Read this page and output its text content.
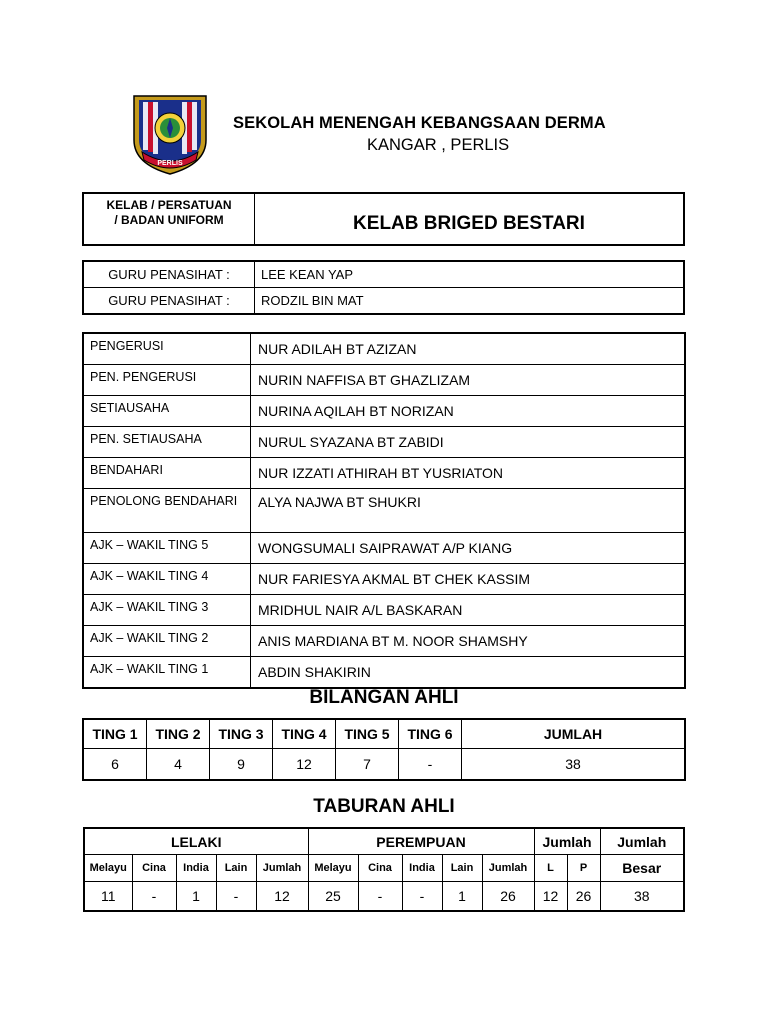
PERLIS
SEKOLAH MENENGAH KEBANGSAAN DERMA
KANGAR , PERLIS
KELAB / PERSATUAN
/ BADAN UNIFORM	KELAB BRIGED BESTARI
GURU PENASIHAT :	LEE KEAN YAP
GURU PENASIHAT :	RODZIL BIN MAT
PENGERUSI	NUR ADILAH BT AZIZAN
PEN. PENGERUSI	NURIN NAFFISA BT GHAZLIZAM
SETIAUSAHA	NURINA AQILAH BT NORIZAN
PEN. SETIAUSAHA	NURUL SYAZANA BT ZABIDI
BENDAHARI	NUR IZZATI ATHIRAH BT YUSRIATON
PENOLONG BENDAHARI	ALYA NAJWA BT SHUKRI
AJK – WAKIL TING 5	WONGSUMALI SAIPRAWAT A/P KIANG
AJK – WAKIL TING 4	NUR FARIESYA AKMAL BT CHEK KASSIM
AJK – WAKIL TING 3	MRIDHUL NAIR A/L BASKARAN
AJK – WAKIL TING 2	ANIS MARDIANA BT M. NOOR SHAMSHY
AJK – WAKIL TING 1	ABDIN SHAKIRIN
BILANGAN AHLI
TING 1	TING 2	TING 3	TING 4	TING 5	TING 6	JUMLAH
6	4	9	12	7	-	38
TABURAN AHLI
LELAKI					PEREMPUAN					Jumlah		Jumlah
Melayu	Cina	India	Lain	Jumlah	Melayu	Cina	India	Lain	Jumlah	L	P	Besar
11	-	1	-	12	25	-	-	1	26	12	26	38
